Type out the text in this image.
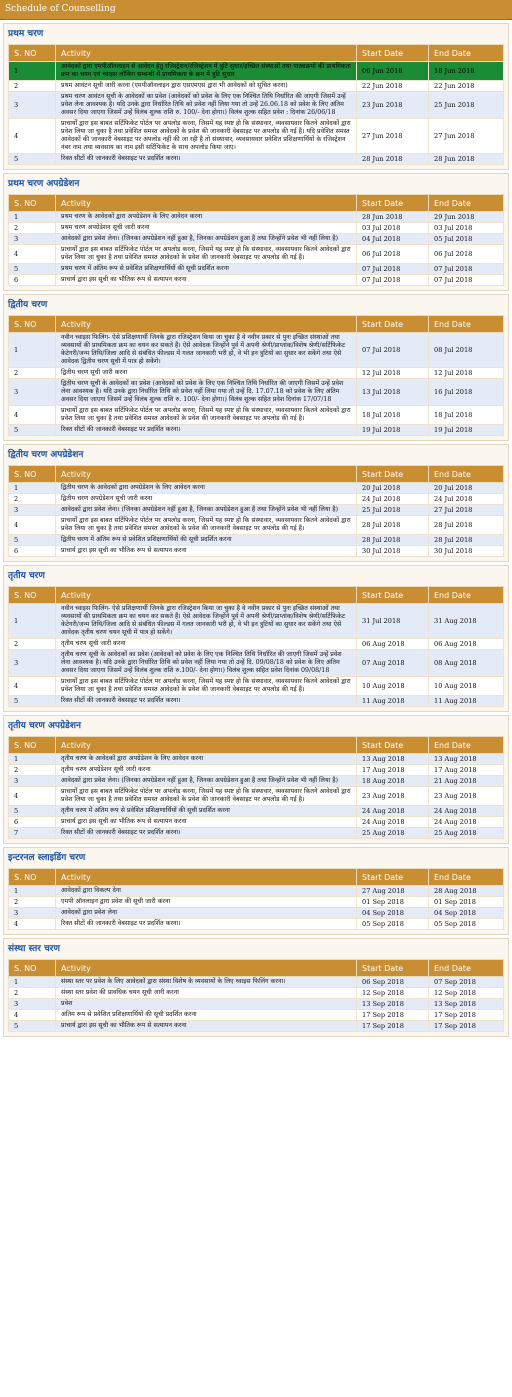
Schedule of Counselling
प्रथम चरण
S. NO	Activity	Start Date	End Date
1	आवेदकों द्वारा एमपीऑनलाइन से आवेदन हेतु रजिस्ट्रेशन/रजिस्ट्रेशन में त्रुटि सुधार/इच्छित संस्थाओं तथा पाठ्यक्रमों की प्राथमिकता क्रम का चयन एवं च्वाइस लॉकिंग सम्बन्धी में प्राथमिकता के क्रम में त्रुटि सुधार	06 Jun 2018	18 Jun 2018
2	प्रथम आवंटन सूची जारी करना (एमपीऑनलाइन द्वारा एसएमएस द्वारा भी आवेदकों को सूचित करना)	22 Jun 2018	22 Jun 2018
3	प्रथम चरण आवंटन सूची के आवेदकों का प्रवेश (आवेदकों को प्रवेश के लिए एक निश्चित तिथि निर्धारित की जाएगी जिसमें उन्हें प्रवेश लेना आवश्यक है। यदि उनके द्वारा निर्धारित तिथि को प्रवेश नहीं लिया गया तो उन्हें 26.06.18 को प्रवेश के लिए अंतिम अवसर दिया जाएगा जिसमें उन्हें विलंब शुल्क राशि रु. 100/- देना होगा।) विलंब शुल्क सहित प्रवेश : दिनांक 26/06/18	23 Jun 2018	25 Jun 2018
4	प्राचार्यों द्वारा इस बाबत सर्टिफिकेट पोर्टल पर अपलोड करना, जिसमें यह स्पष्ट हो कि संस्थावार, व्यवसायवार कितने आवेदकों द्वारा प्रवेश लिया जा चुका है तथा प्रवेशित समस्त आवेदकों के प्रवेश की जानकारी वेबसाइट पर अपलोड की गई है। यदि प्रवेशित समस्त आवेदकों की जानकारी वेबसाइट पर अपलोड नहीं की जा रही है तो संस्थावार, व्यवसायवार प्रवेशित प्रशिक्षणार्थियों के रजिस्ट्रेशन नंबर नाम तथा व्यवसाय का नाम इसी सर्टिफिकेट के साथ अपलोड किया जाए।	27 Jun 2018	27 Jun 2018
5	रिक्त सीटों की जानकारी वेबसाइट पर प्रदर्शित करना।	28 Jun 2018	28 Jun 2018
प्रथम चरण अपग्रेडेशन
S. NO	Activity	Start Date	End Date
1	प्रथम चरण के आवेदकों द्वारा अपग्रेडेशन के लिए आवेदन करना	28 Jun 2018	29 Jun 2018
2	प्रथम चरण अपग्रेडेशन सूची जारी करना	03 Jul 2018	03 Jul 2018
3	आवेदकों द्वारा प्रवेश लेना। (जिनका अपग्रेडेशन नहीं हुआ है, जिनका अपग्रेडेशन हुआ है तथा जिन्होंने प्रवेश भी नहीं लिया है)	04 Jul 2018	05 Jul 2018
4	प्राचार्यों द्वारा इस बाबत सर्टिफिकेट पोर्टल पर अपलोड करना, जिसमें यह स्पष्ट हो कि संस्थावार, व्यवसायवार कितने आवेदकों द्वारा प्रवेश लिया जा चुका है तथा प्रवेशित समस्त आवेदकों के प्रवेश की जानकारी वेबसाइट पर अपलोड की गई है।	06 Jul 2018	06 Jul 2018
5	प्रथम चरण में अंतिम रूप से प्रवेशित प्रशिक्षणार्थियों की सूची प्रदर्शित करना	07 Jul 2018	07 Jul 2018
6	प्राचार्य द्वारा इस सूची का भौतिक रूप से सत्यापन करना	07 Jul 2018	07 Jul 2018
द्वितीय चरण
S. NO	Activity	Start Date	End Date
1	नवीन च्वाइस फिलिंग- ऐसे प्रशिक्षणार्थी जिनके द्वारा रजिस्ट्रेशन किया जा चुका है वे नवीन प्रकार से पुनः इच्छित संस्थाओं तथा व्यवसायों की प्राथमिकता क्रम का चयन कर सकते हैं। ऐसे आवेदक जिन्होंने पूर्व में अपनी श्रेणी/प्राप्तांक/विशेष श्रेणी/सर्टिफिकेट केटेगरी/जन्म तिथि/जिला आदि से संबंधित फील्डस में गलत जानकारी भरी हो, वे भी इन त्रुटियों का सुधार कर सकेंगे तथा ऐसे आवेदक द्वितीय चरण सूची में पात्र हो सकेंगे।	07 Jul 2018	08 Jul 2018
2	द्वितीय चरण सूची जारी करना	12 Jul 2018	12 Jul 2018
3	द्वितीय चरण सूची के आवेदकों का प्रवेश (आवेदकों को प्रवेश के लिए एक निश्चित तिथि निर्धारित की जाएगी जिसमें उन्हें प्रवेश लेना आवश्यक है। यदि उनके द्वारा निर्धारित तिथि को प्रवेश नहीं लिया गया तो उन्हें दि. 17.07.18 को प्रवेश के लिए अंतिम अवसर दिया जाएगा जिसमें उन्हें विलंब शुल्क राशि रु. 100/- देना होगा।) विलंब शुल्क सहित प्रवेश दिनांक 17/07/18	13 Jul 2018	16 Jul 2018
4	प्राचार्यों द्वारा इस बाबत सर्टिफिकेट पोर्टल पर अपलोड करना, जिसमें यह स्पष्ट हो कि संस्थावार, व्यवसायवार कितने आवेदकों द्वारा प्रवेश लिया जा चुका है तथा प्रवेशित समस्त आवेदकों के प्रवेश की जानकारी वेबसाइट पर अपलोड की गई है।	18 Jul 2018	18 Jul 2018
5	रिक्त सीटों की जानकारी वेबसाइट पर प्रदर्शित करना।	19 Jul 2018	19 Jul 2018
द्वितीय चरण अपग्रेडेशन
S. NO	Activity	Start Date	End Date
1	द्वितीय चरण के आवेदकों द्वारा अपग्रेडेशन के लिए आवेदन करना	20 Jul 2018	20 Jul 2018
2	द्वितीय चरण अपग्रेडेशन सूची जारी करना	24 Jul 2018	24 Jul 2018
3	आवेदकों द्वारा प्रवेश लेना। (जिनका अपग्रेडेशन नहीं हुआ है, जिनका अपग्रेडेशन हुआ है तथा जिन्होंने प्रवेश भी नहीं लिया है)	25 Jul 2018	27 Jul 2018
4	प्राचार्यों द्वारा इस बाबत सर्टिफिकेट पोर्टल पर अपलोड करना, जिसमें यह स्पष्ट हो कि संस्थावार, व्यवसायवार कितने आवेदकों द्वारा प्रवेश लिया जा चुका है तथा प्रवेशित समस्त आवेदकों के प्रवेश की जानकारी वेबसाइट पर अपलोड की गई है।	28 Jul 2018	28 Jul 2018
5	द्वितीय चरण में अंतिम रूप से प्रवेशित प्रशिक्षणार्थियों की सूची प्रदर्शित करना	28 Jul 2018	28 Jul 2018
6	प्राचार्य द्वारा इस सूची का भौतिक रूप से सत्यापन करना	30 Jul 2018	30 Jul 2018
तृतीय चरण
S. NO	Activity	Start Date	End Date
1	नवीन च्वाइस फिलिंग- ऐसे प्रशिक्षणार्थी जिनके द्वारा रजिस्ट्रेशन किया जा चुका है वे नवीन प्रकार से पुनः इच्छित संस्थाओं तथा व्यवसायों की प्राथमिकता क्रम का चयन कर सकते हैं। ऐसे आवेदक जिन्होंने पूर्व में अपनी श्रेणी/प्राप्तांक/विशेष श्रेणी/सर्टिफिकेट केटेगरी/जन्म तिथि/जिला आदि से संबंधित फील्डस में गलत जानकारी भरी हो, वे भी इन त्रुटियों का सुधार कर सकेंगे तथा ऐसे आवेदक तृतीय चरण चयन सूची में पात्र हो सकेंगे।	31 Jul 2018	31 Aug 2018
2	तृतीय चरण सूची जारी करना	06 Aug 2018	06 Aug 2018
3	तृतीय चरण सूची के आवेदकों का प्रवेश (आवेदकों को प्रवेश के लिए एक निश्चित तिथि निर्धारित की जाएगी जिसमें उन्हें प्रवेश लेना आवश्यक है। यदि उनके द्वारा निर्धारित तिथि को प्रवेश नहीं लिया गया तो उन्हें दि. 09/08/18 को प्रवेश के लिए अंतिम अवसर दिया जाएगा जिसमें उन्हें विलंब शुल्क राशि रु.100/- देना होगा।) विलंब शुल्क सहित प्रवेश दिनांक 09/08/18	07 Aug 2018	08 Aug 2018
4	प्राचार्यों द्वारा इस बाबत सर्टिफिकेट पोर्टल पर अपलोड करना, जिसमें यह स्पष्ट हो कि संस्थावार, व्यवसायवार कितने आवेदकों द्वारा प्रवेश लिया जा चुका है तथा प्रवेशित समस्त आवेदकों के प्रवेश की जानकारी वेबसाइट पर अपलोड की गई है।	10 Aug 2018	10 Aug 2018
5	रिक्त सीटों की जानकारी वेबसाइट पर प्रदर्शित करना।	11 Aug 2018	11 Aug 2018
तृतीय चरण अपग्रेडेशन
S. NO	Activity	Start Date	End Date
1	तृतीय चरण के आवेदकों द्वारा अपग्रेडेशन के लिए आवेदन करना	13 Aug 2018	13 Aug 2018
2	तृतीय चरण अपग्रेडेशन सूची जारी करना	17 Aug 2018	17 Aug 2018
3	आवेदकों द्वारा प्रवेश लेना। (जिनका अपग्रेडेशन नहीं हुआ है, जिनका अपग्रेडेशन हुआ है तथा जिन्होंने प्रवेश भी नहीं लिया है)	18 Aug 2018	21 Aug 2018
4	प्राचार्यों द्वारा इस बाबत सर्टिफिकेट पोर्टल पर अपलोड करना, जिसमें यह स्पष्ट हो कि संस्थावार, व्यवसायवार कितने आवेदकों द्वारा प्रवेश लिया जा चुका है तथा प्रवेशित समस्त आवेदकों के प्रवेश की जानकारी वेबसाइट पर अपलोड की गई है।	23 Aug 2018	23 Aug 2018
5	तृतीय चरण में अंतिम रूप से प्रवेशित प्रशिक्षणार्थियों की सूची प्रदर्शित करना	24 Aug 2018	24 Aug 2018
6	प्राचार्य द्वारा इस सूची का भौतिक रूप से सत्यापन करना	24 Aug 2018	24 Aug 2018
7	रिक्त सीटों की जानकारी वेबसाइट पर प्रदर्शित करना।	25 Aug 2018	25 Aug 2018
इन्टरनल स्लाइडिंग चरण
S. NO	Activity	Start Date	End Date
1	आवेदकों द्वारा विकल्प देना	27 Aug 2018	28 Aug 2018
2	एमपी ऑनलाइन द्वारा प्रवेश की सूची जारी करना	01 Sep 2018	01 Sep 2018
3	आवेदकों द्वारा प्रवेश लेना	04 Sep 2018	04 Sep 2018
4	रिक्त सीटों की जानकारी वेबसाइट पर प्रदर्शित करना।	05 Sep 2018	05 Sep 2018
संस्था स्तर चरण
S. NO	Activity	Start Date	End Date
1	संस्था स्तर पर प्रवेश के लिए आवेदकों द्वारा संस्था विशेष के व्यवसायों के लिए च्वाइस फिलिंग करना।	06 Sep 2018	07 Sep 2018
2	संस्था स्तर प्रवेश की प्रावधिक चयन सूची जारी करना	12 Sep 2018	12 Sep 2018
3	प्रवेश	13 Sep 2018	13 Sep 2018
4	अंतिम रूप से प्रवेशित प्रशिक्षणार्थियों की सूची प्रदर्शित करना	17 Sep 2018	17 Sep 2018
5	प्राचार्य द्वारा इस सूची का भौतिक रूप से सत्यापन करना	17 Sep 2018	17 Sep 2018
